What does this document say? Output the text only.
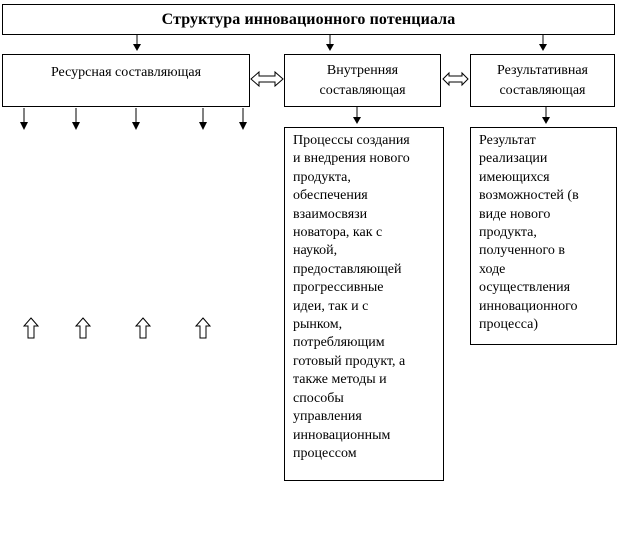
Структура инновационного потенциала
Ресурсная составляющая	Внутренняя
составляющая
Результативная
составляющая
Процессы создания
и внедрения нового
продукта,
обеспечения
взаимосвязи
новатора, как с
наукой,
предоставляющей
прогрессивные
идеи, так и с
рынком,
потребляющим
готовый продукт, а
также методы и
способы
управления
инновационным
процессом
Результат
реализации
имеющихся
возможностей (в
виде нового
продукта,
полученного в
ходе
осуществления
инновационного
процесса)
